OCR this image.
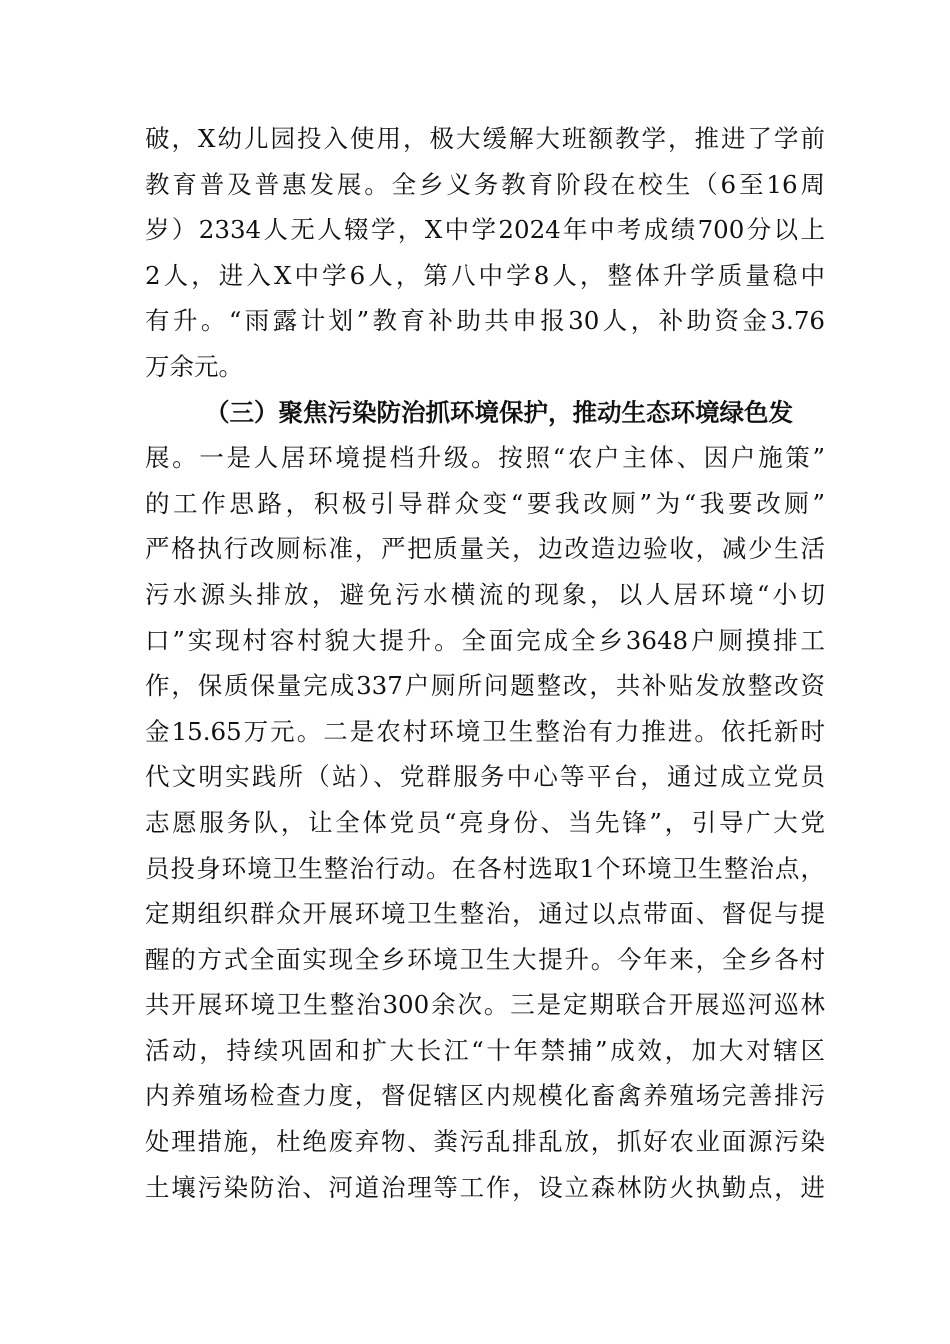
破，X幼儿园投入使用，极大缓解大班额教学，推进了学前
教育普及普惠发展。全乡义务教育阶段在校生（6至16周
岁）2334人无人辍学，X中学2024年中考成绩700分以上
2人，进入X中学6人，第八中学8人，整体升学质量稳中
有升。“雨露计划”教育补助共申报30人，补助资金3.76
万余元。
（三）聚焦污染防治抓环境保护，推动生态环境绿色发
展。一是人居环境提档升级。按照“农户主体、因户施策”
的工作思路，积极引导群众变“要我改厕”为“我要改厕”
严格执行改厕标准，严把质量关，边改造边验收，减少生活
污水源头排放，避免污水横流的现象，以人居环境“小切
口”实现村容村貌大提升。全面完成全乡3648户厕摸排工
作，保质保量完成337户厕所问题整改，共补贴发放整改资
金15.65万元。二是农村环境卫生整治有力推进。依托新时
代文明实践所（站）、党群服务中心等平台，通过成立党员
志愿服务队，让全体党员“亮身份、当先锋”，引导广大党
员投身环境卫生整治行动。在各村选取1个环境卫生整治点，
定期组织群众开展环境卫生整治，通过以点带面、督促与提
醒的方式全面实现全乡环境卫生大提升。今年来，全乡各村
共开展环境卫生整治300余次。三是定期联合开展巡河巡林
活动，持续巩固和扩大长江“十年禁捕”成效，加大对辖区
内养殖场检查力度，督促辖区内规模化畜禽养殖场完善排污
处理措施，杜绝废弃物、粪污乱排乱放，抓好农业面源污染
土壤污染防治、河道治理等工作，设立森林防火执勤点，进
